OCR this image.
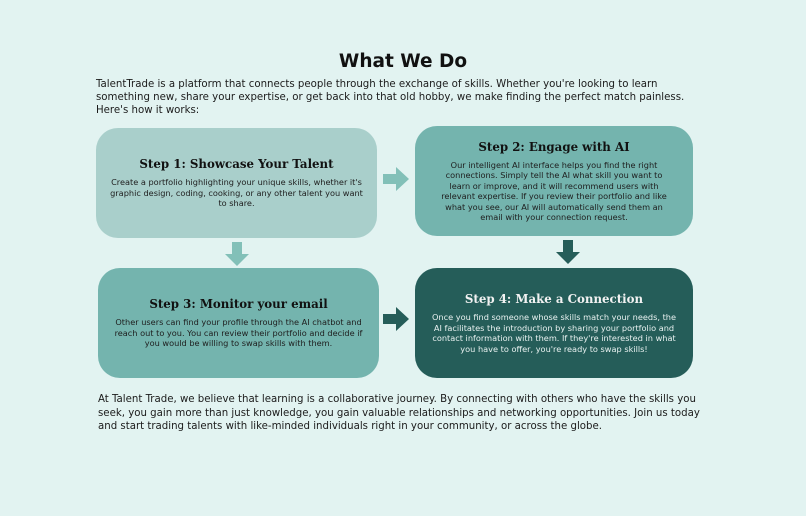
What We Do
TalentTrade is a platform that connects people through the exchange of skills. Whether you're looking to learn something new, share your expertise, or get back into that old hobby, we make finding the perfect match painless. Here's how it works:
Step 1: Showcase Your Talent

Create a portfolio highlighting your unique skills, whether it's graphic design, coding, cooking, or any other talent you want to share.

Step 2: Engage with AI

Our intelligent AI interface helps you find the right connections. Simply tell the AI what skill you want to learn or improve, and it will recommend users with relevant expertise. If you review their portfolio and like what you see, our AI will automatically send them an email with your connection request.

Step 3: Monitor your email

Other users can find your profile through the AI chatbot and reach out to you. You can review their portfolio and decide if you would be willing to swap skills with them.

Step 4: Make a Connection

Once you find someone whose skills match your needs, the AI facilitates the introduction by sharing your portfolio and contact information with them. If they're interested in what you have to offer, you're ready to swap skills!

At Talent Trade, we believe that learning is a collaborative journey. By connecting with others who have the skills you seek, you gain more than just knowledge, you gain valuable relationships and networking opportunities. Join us today and start trading talents with like-minded individuals right in your community, or across the globe.
